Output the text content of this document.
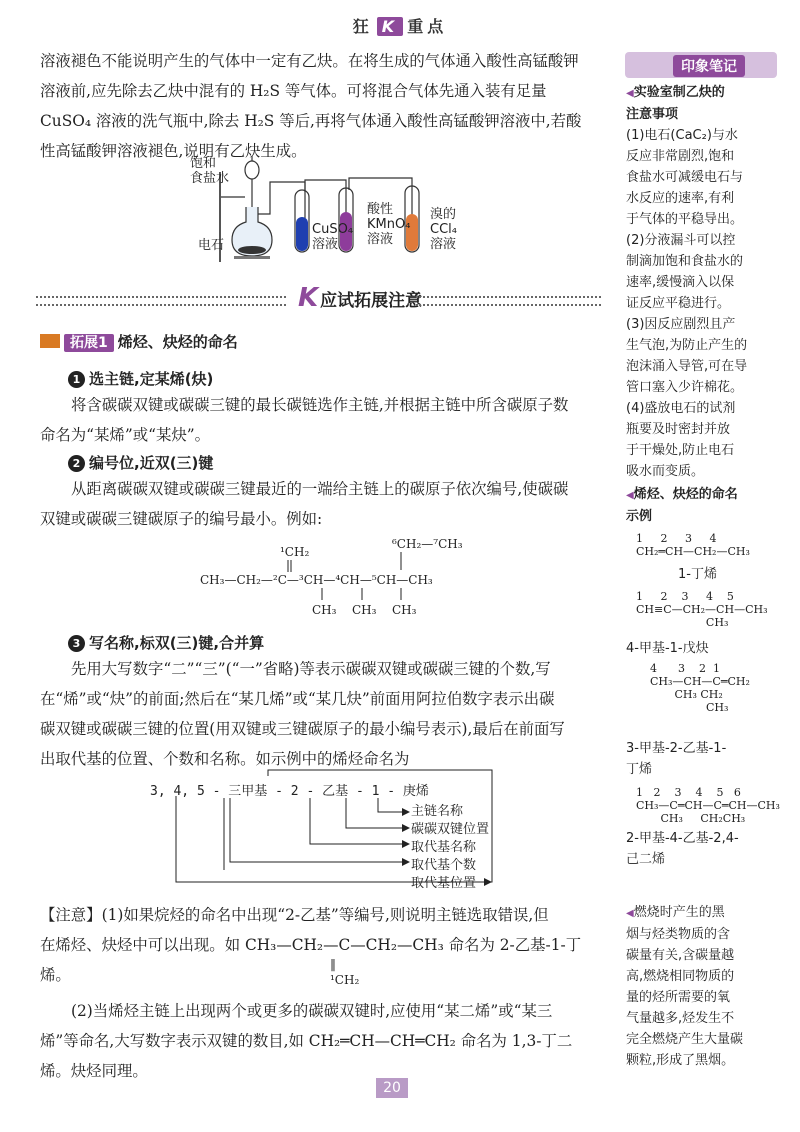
狂 K 重点
溶液褪色不能说明产生的气体中一定有乙炔。在将生成的气体通入酸性高锰酸钾
溶液前,应先除去乙炔中混有的 H₂S 等气体。可将混合气体先通入装有足量
CuSO₄ 溶液的洗气瓶中,除去 H₂S 等后,再将气体通入酸性高锰酸钾溶液中,若酸
性高锰酸钾溶液褪色,说明有乙炔生成。
饱和
食盐水
电石
CuSO₄
溶液
酸性
KMnO₄
溶液
溴的
CCl₄
溶液
K应试拓展注意
拓展1 烯烃、炔烃的命名
1 选主链,定某烯(炔)
将含碳碳双键或碳碳三键的最长碳链选作主链,并根据主链中所含碳原子数
命名为“某烯”或“某炔”。
2 编号位,近双(三)键
从距离碳碳双键或碳碳三键最近的一端给主链上的碳原子依次编号,使碳碳
双键或碳碳三键碳原子的编号最小。例如:
¹CH₂
⁶CH₂—⁷CH₃
CH₃—CH₂—²C—³CH—⁴CH—⁵CH—CH₃
CH₃ CH₃ CH₃
3 写名称,标双(三)键,合并算
先用大写数字“二”“三”(“一”省略)等表示碳碳双键或碳碳三键的个数,写
在“烯”或“炔”的前面;然后在“某几烯”或“某几炔”前面用阿拉伯数字表示出碳
碳双键或碳碳三键的位置(用双键或三键碳原子的最小编号表示),最后在前面写
出取代基的位置、个数和名称。如示例中的烯烃命名为
3, 4, 5 - 三甲基 - 2 - 乙基 - 1 - 庚烯
主链名称
碳碳双键位置
取代基名称
取代基个数
取代基位置
【注意】(1)如果烷烃的命名中出现“2-乙基”等编号,则说明主链选取错误,但
在烯烃、炔烃中可以出现。如 CH₃—CH₂—C—CH₂—CH₃ 命名为 2-乙基-1-丁烯。
‖
¹CH₂
(2)当烯烃主链上出现两个或更多的碳碳双键时,应使用“某二烯”或“某三
烯”等命名,大写数字表示双键的数目,如 CH₂═CH—CH═CH₂ 命名为 1,3-丁二
烯。炔烃同理。
印象笔记
◀实验室制乙炔的
注意事项
(1)电石(CaC₂)与水
反应非常剧烈,饱和
食盐水可减缓电石与
水反应的速率,有利
于气体的平稳导出。
(2)分液漏斗可以控
制滴加饱和食盐水的
速率,缓慢滴入以保
证反应平稳进行。
(3)因反应剧烈且产
生气泡,为防止产生的
泡沫涌入导管,可在导
管口塞入少许棉花。
(4)盛放电石的试剂
瓶要及时密封并放
于干燥处,防止电石
吸水而变质。
◀烯烃、炔烃的命名
示例
1     2     3     4
CH₂═CH—CH₂—CH₃
1-丁烯
1     2    3     4    5
CH≡C—CH₂—CH—CH₃
CH₃
4-甲基-1-戊炔
4      3    2  1
CH₃—CH—C═CH₂
CH₃ CH₂
CH₃
3-甲基-2-乙基-1-
丁烯
1   2    3    4    5   6
CH₃—C═CH—C═CH—CH₃
CH₃     CH₂CH₃
2-甲基-4-乙基-2,4-
己二烯
◀燃烧时产生的黑
烟与烃类物质的含
碳量有关,含碳量越
高,燃烧相同物质的
量的烃所需要的氧
气量越多,烃发生不
完全燃烧产生大量碳
颗粒,形成了黑烟。
20
